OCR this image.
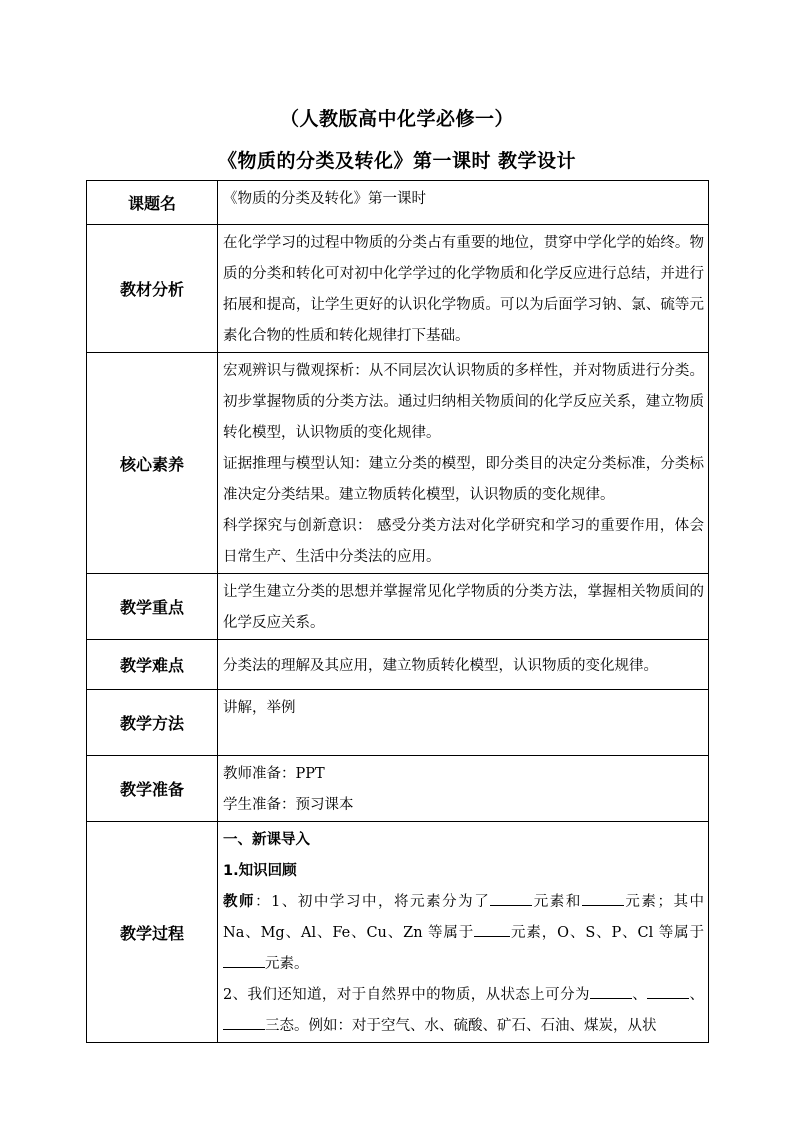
（人教版高中化学必修一）
《物质的分类及转化》第一课时 教学设计
课题名	《物质的分类及转化》第一课时
教材分析	在化学学习的过程中物质的分类占有重要的地位，贯穿中学化学的始终。物质的分类和转化可对初中化学学过的化学物质和化学反应进行总结，并进行拓展和提高，让学生更好的认识化学物质。可以为后面学习钠、氯、硫等元素化合物的性质和转化规律打下基础。
核心素养	宏观辨识与微观探析：从不同层次认识物质的多样性，并对物质进行分类。初步掌握物质的分类方法。通过归纳相关物质间的化学反应关系，建立物质转化模型，认识物质的变化规律。
证据推理与模型认知：建立分类的模型，即分类目的决定分类标准，分类标准决定分类结果。建立物质转化模型，认识物质的变化规律。
科学探究与创新意识： 感受分类方法对化学研究和学习的重要作用，体会日常生产、生活中分类法的应用。

教学重点	让学生建立分类的思想并掌握常见化学物质的分类方法，掌握相关物质间的化学反应关系。
教学难点	分类法的理解及其应用，建立物质转化模型，认识物质的变化规律。
教学方法	讲解，举例
教学准备	教师准备：PPT
学生准备：预习课本

教学过程	一、新课导入
1.知识回顾
教师：1、初中学习中，将元素分为了 元素和 元素；其中 Na、Mg、Al、Fe、Cu、Zn 等属于 元素，O、S、P、Cl 等属于元素。
2、我们还知道，对于自然界中的物质，从状态上可分为 、 、三态。例如：对于空气、水、硫酸、矿石、石油、煤炭，从状
